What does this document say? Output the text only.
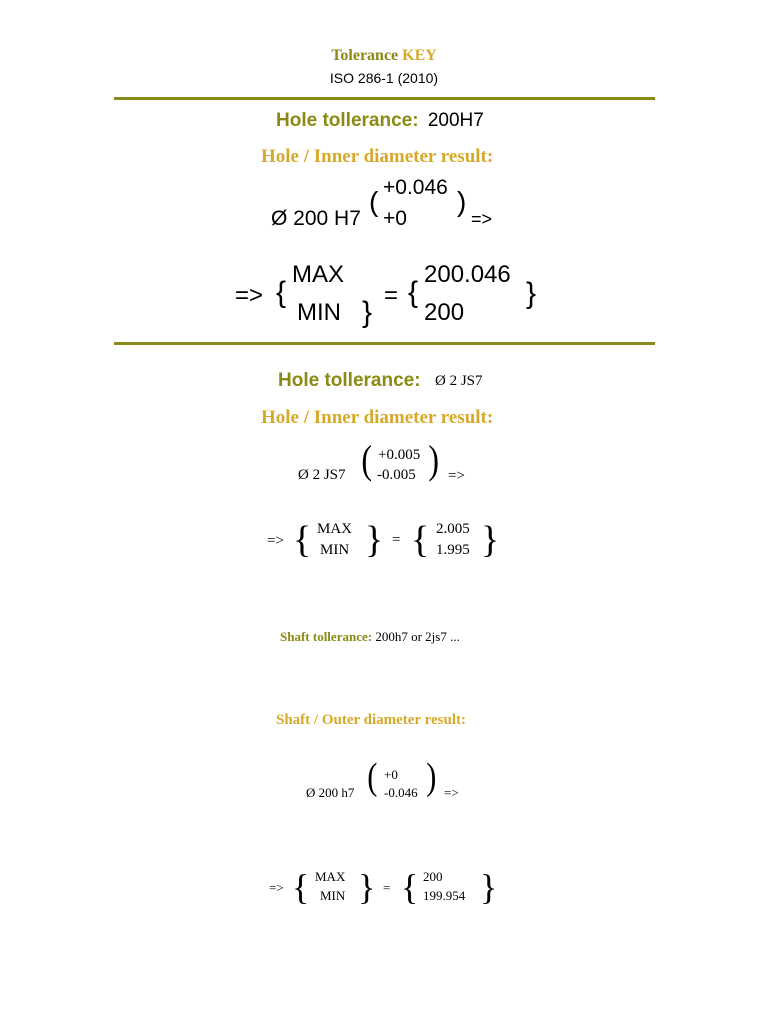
Tolerance KEY
ISO 286-1 (2010)
Hole tollerance: 200H7
Hole / Inner diameter result:
Ø 200 H7
( +0.046
+0
)
=>
=> {
MAX
MIN }
= {
200.046
200
}
Hole tollerance: Ø 2 JS7
Hole / Inner diameter result:
Ø 2 JS7 ( +0.005
-0.005 ) =>
=> { MAX
MIN } = { 2.005
1.995 }
Shaft tollerance: 200h7 or 2js7 ...
Shaft / Outer diameter result:
Ø 200 h7 ( +0
-0.046 ) =>
=> { MAX
MIN } = { 200
199.954 }
